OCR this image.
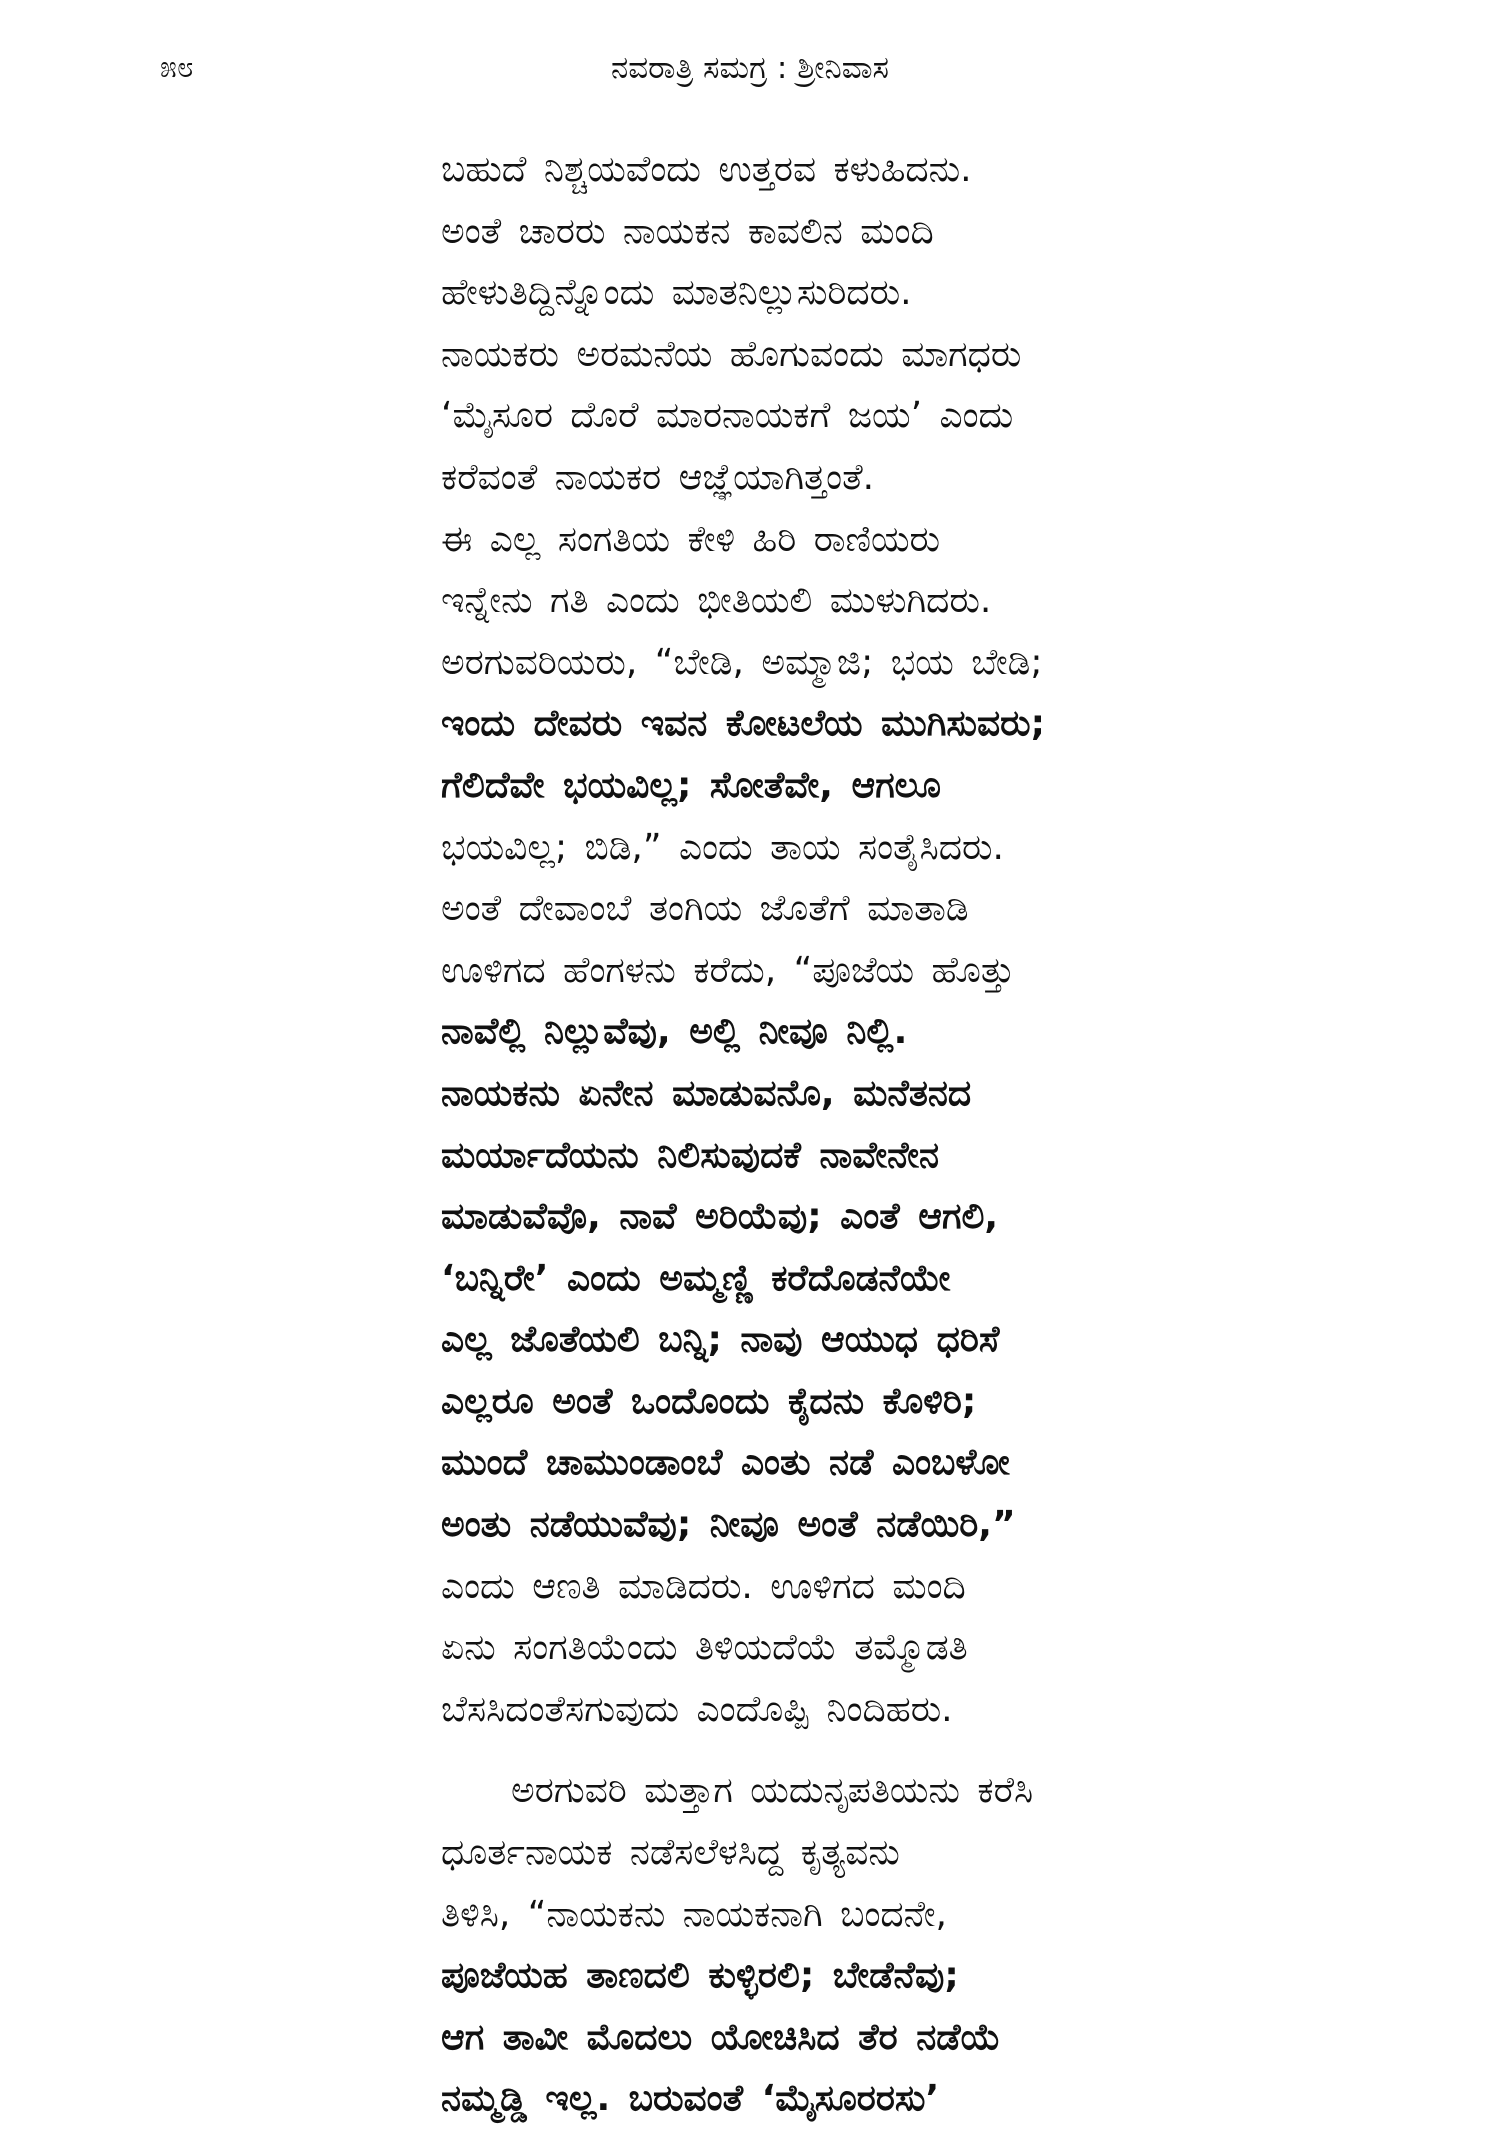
೫೮	ನವರಾತ್ರಿ ಸಮಗ್ರ : ಶ್ರೀನಿವಾಸ
ಬಹುದೆ ನಿಶ್ಚಯವೆಂದು ಉತ್ತರವ ಕಳುಹಿದನು.
ಅಂತೆ ಚಾರರು ನಾಯಕನ ಕಾವಲಿನ ಮಂದಿ
ಹೇಳುತಿದ್ದಿನ್ನೊಂದು ಮಾತನಿಲ್ಲುಸುರಿದರು.
ನಾಯಕರು ಅರಮನೆಯ ಹೊಗುವಂದು ಮಾಗಧರು
‘ಮೈಸೂರ ದೊರೆ ಮಾರನಾಯಕಗೆ ಜಯ’ ಎಂದು
ಕರೆವಂತೆ ನಾಯಕರ ಆಜ್ಞೆಯಾಗಿತ್ತಂತೆ.
ಈ ಎಲ್ಲ ಸಂಗತಿಯ ಕೇಳಿ ಹಿರಿ ರಾಣಿಯರು
ಇನ್ನೇನು ಗತಿ ಎಂದು ಭೀತಿಯಲಿ ಮುಳುಗಿದರು.
ಅರಗುವರಿಯರು, “ಬೇಡಿ, ಅಮ್ಮಾಜಿ; ಭಯ ಬೇಡಿ;
ಇಂದು ದೇವರು ಇವನ ಕೋಟಲೆಯ ಮುಗಿಸುವರು;
ಗೆಲಿದೆವೇ ಭಯವಿಲ್ಲ; ಸೋತೆವೇ, ಆಗಲೂ
ಭಯವಿಲ್ಲ; ಬಿಡಿ,” ಎಂದು ತಾಯ ಸಂತೈಸಿದರು.
ಅಂತೆ ದೇವಾಂಬೆ ತಂಗಿಯ ಜೊತೆಗೆ ಮಾತಾಡಿ
ಊಳಿಗದ ಹೆಂಗಳನು ಕರೆದು, “ಪೂಜೆಯ ಹೊತ್ತು
ನಾವೆಲ್ಲಿ ನಿಲ್ಲುವೆವು, ಅಲ್ಲಿ ನೀವೂ ನಿಲ್ಲಿ.
ನಾಯಕನು ಏನೇನ ಮಾಡುವನೊ, ಮನೆತನದ
ಮರ್ಯಾದೆಯನು ನಿಲಿಸುವುದಕೆ ನಾವೇನೇನ
ಮಾಡುವೆವೊ, ನಾವೆ ಅರಿಯೆವು; ಎಂತೆ ಆಗಲಿ,
‘ಬನ್ನಿರೇ’ ಎಂದು ಅಮ್ಮಣ್ಣಿ ಕರೆದೊಡನೆಯೇ
ಎಲ್ಲ ಜೊತೆಯಲಿ ಬನ್ನಿ; ನಾವು ಆಯುಧ ಧರಿಸೆ
ಎಲ್ಲರೂ ಅಂತೆ ಒಂದೊಂದು ಕೈದನು ಕೊಳಿರಿ;
ಮುಂದೆ ಚಾಮುಂಡಾಂಬೆ ಎಂತು ನಡೆ ಎಂಬಳೋ
ಅಂತು ನಡೆಯುವೆವು; ನೀವೂ ಅಂತೆ ನಡೆಯಿರಿ,”
ಎಂದು ಆಣತಿ ಮಾಡಿದರು. ಊಳಿಗದ ಮಂದಿ
ಏನು ಸಂಗತಿಯೆಂದು ತಿಳಿಯದೆಯೆ ತಮ್ಮೊಡತಿ
ಬೆಸಸಿದಂತೆಸಗುವುದು ಎಂದೊಪ್ಪಿ ನಿಂದಿಹರು.
ಅರಗುವರಿ ಮತ್ತಾಗ ಯದುನೃಪತಿಯನು ಕರೆಸಿ
ಧೂರ್ತನಾಯಕ ನಡೆಸಲೆಳಸಿದ್ದ ಕೃತ್ಯವನು
ತಿಳಿಸಿ, “ನಾಯಕನು ನಾಯಕನಾಗಿ ಬಂದನೇ,
ಪೂಜೆಯಹ ತಾಣದಲಿ ಕುಳ್ಳಿರಲಿ; ಬೇಡೆನೆವು;
ಆಗ ತಾವೀ ಮೊದಲು ಯೋಚಿಸಿದ ತೆರ ನಡೆಯೆ
ನಮ್ಮಡ್ಡಿ ಇಲ್ಲ. ಬರುವಂತೆ ‘ಮೈಸೂರರಸು’
